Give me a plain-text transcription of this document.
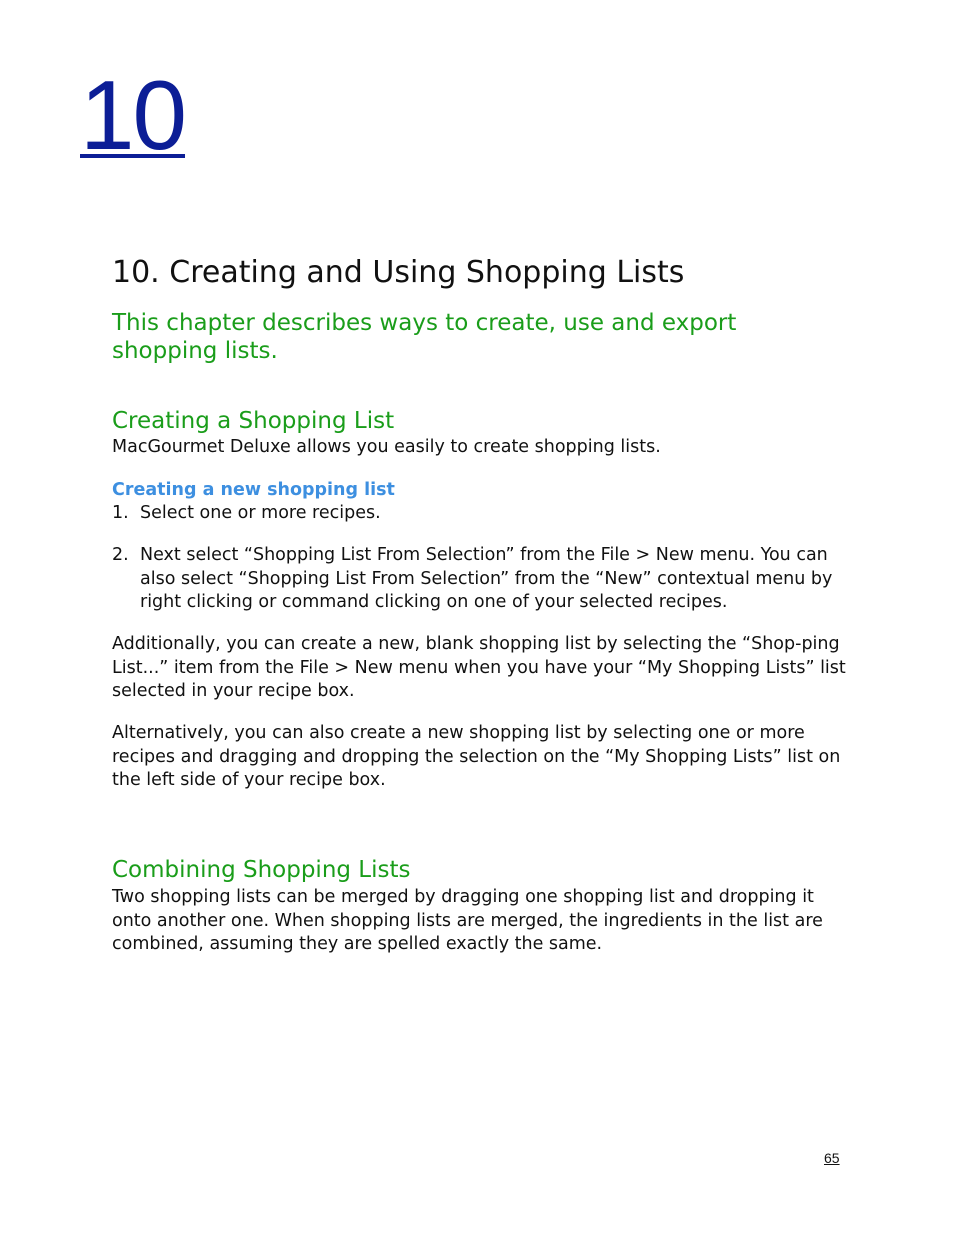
10
10. Creating and Using Shopping Lists

This chapter describes ways to create, use and export shopping lists.

Creating a Shopping List

MacGourmet Deluxe allows you easily to create shopping lists.

Creating a new shopping list
1. Select one or more recipes.
2. Next select “Shopping List From Selection” from the File > New menu. You can also select “Shopping List From Selection” from the “New” contextual menu by right clicking or command clicking on one of your selected recipes.

Additionally, you can create a new, blank shopping list by selecting the “Shop-ping List...” item from the File > New menu when you have your “My Shopping Lists” list selected in your recipe box.

Alternatively, you can also create a new shopping list by selecting one or more recipes and dragging and dropping the selection on the “My Shopping Lists” list on the left side of your recipe box.

Combining Shopping Lists

Two shopping lists can be merged by dragging one shopping list and dropping it onto another one. When shopping lists are merged, the ingredients in the list are combined, assuming they are spelled exactly the same.

65
